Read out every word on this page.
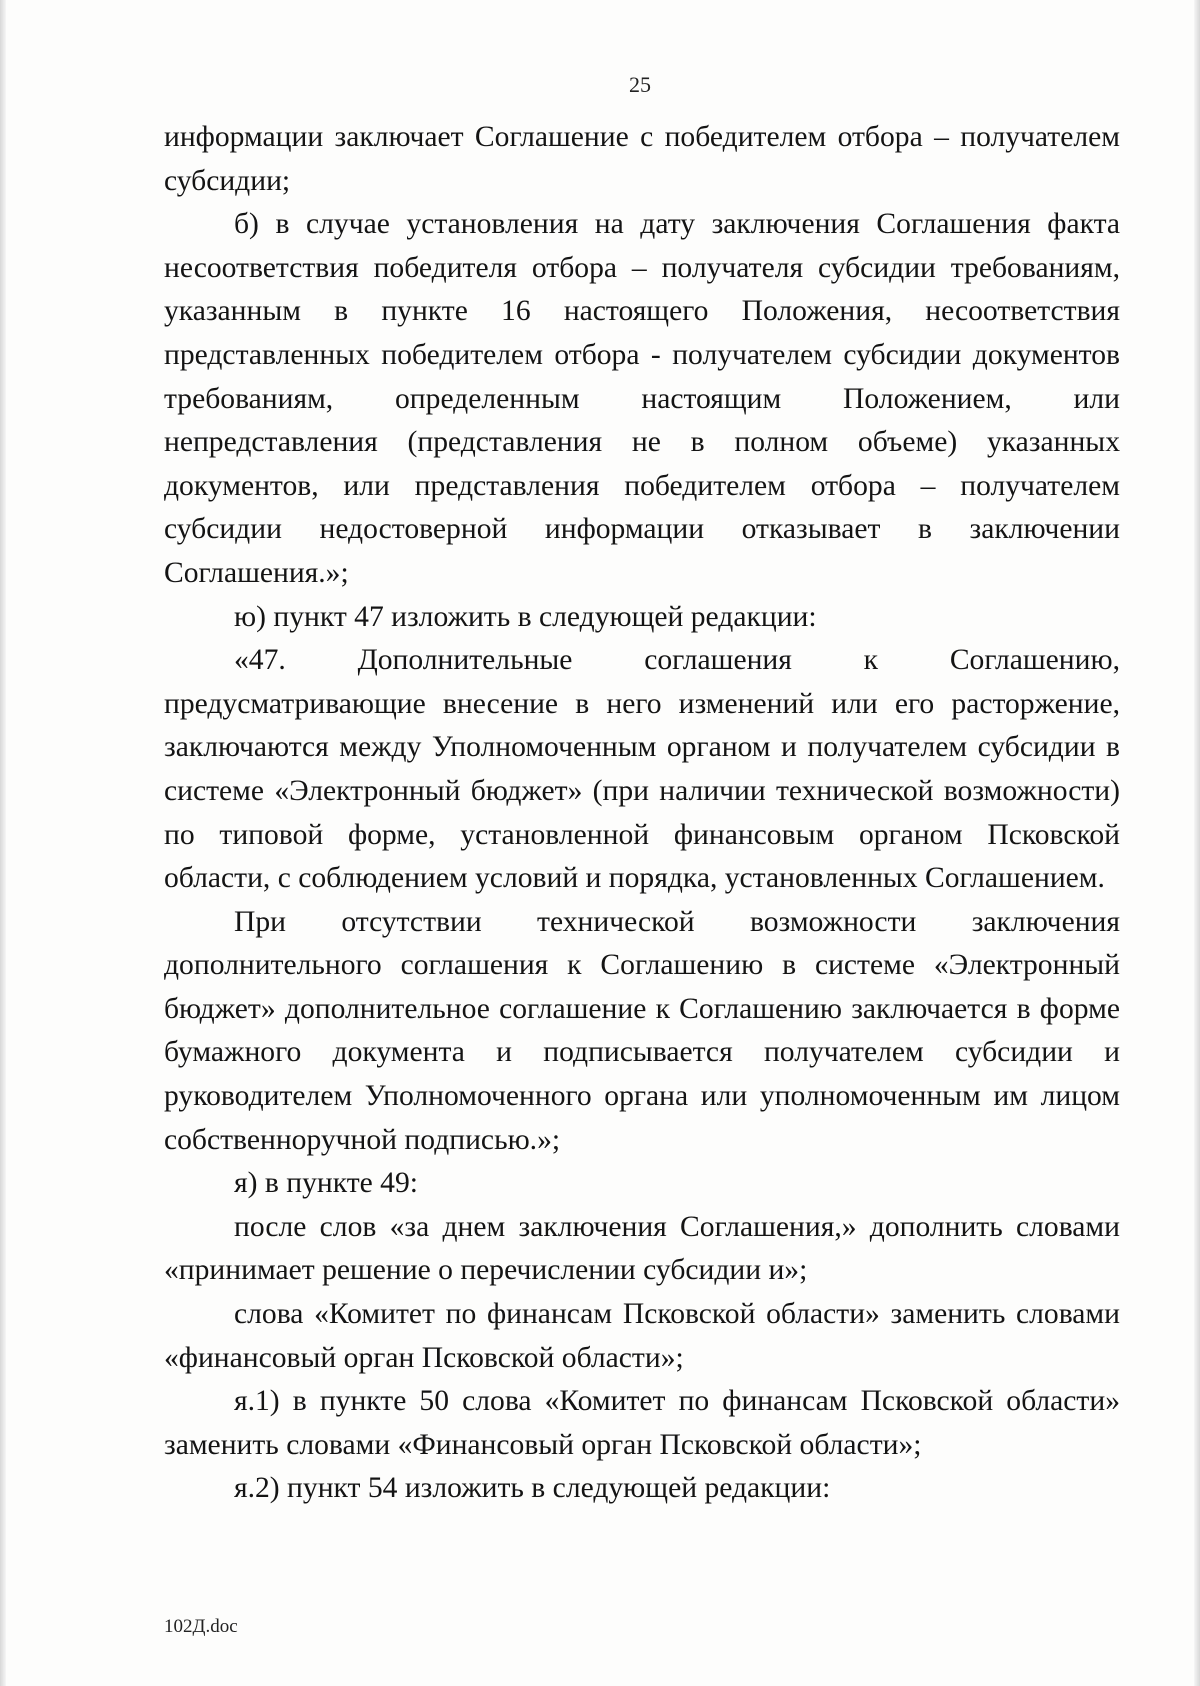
25

информации заключает Соглашение с победителем отбора – получателем субсидии;

б) в случае установления на дату заключения Соглашения факта несоответствия победителя отбора – получателя субсидии требованиям, указанным в пункте 16 настоящего Положения, несоответствия представленных победителем отбора - получателем субсидии документов требованиям, определенным настоящим Положением, или непредставления (представления не в полном объеме) указанных документов, или представления победителем отбора – получателем субсидии недостоверной информации отказывает в заключении Соглашения.»;

ю) пункт 47 изложить в следующей редакции:

«47. Дополнительные соглашения к Соглашению, предусматривающие внесение в него изменений или его расторжение, заключаются между Уполномоченным органом и получателем субсидии в системе «Электронный бюджет» (при наличии технической возможности) по типовой форме, установленной финансовым органом Псковской области, с соблюдением условий и порядка, установленных Соглашением.

При отсутствии технической возможности заключения дополнительного соглашения к Соглашению в системе «Электронный бюджет» дополнительное соглашение к Соглашению заключается в форме бумажного документа и подписывается получателем субсидии и руководителем Уполномоченного органа или уполномоченным им лицом собственноручной подписью.»;

я) в пункте 49:

после слов «за днем заключения Соглашения,» дополнить словами «принимает решение о перечислении субсидии и»;

слова «Комитет по финансам Псковской области» заменить словами «финансовый орган Псковской области»;

я.1) в пункте 50 слова «Комитет по финансам Псковской области» заменить словами «Финансовый орган Псковской области»;

я.2) пункт 54 изложить в следующей редакции:

102Д.doc
